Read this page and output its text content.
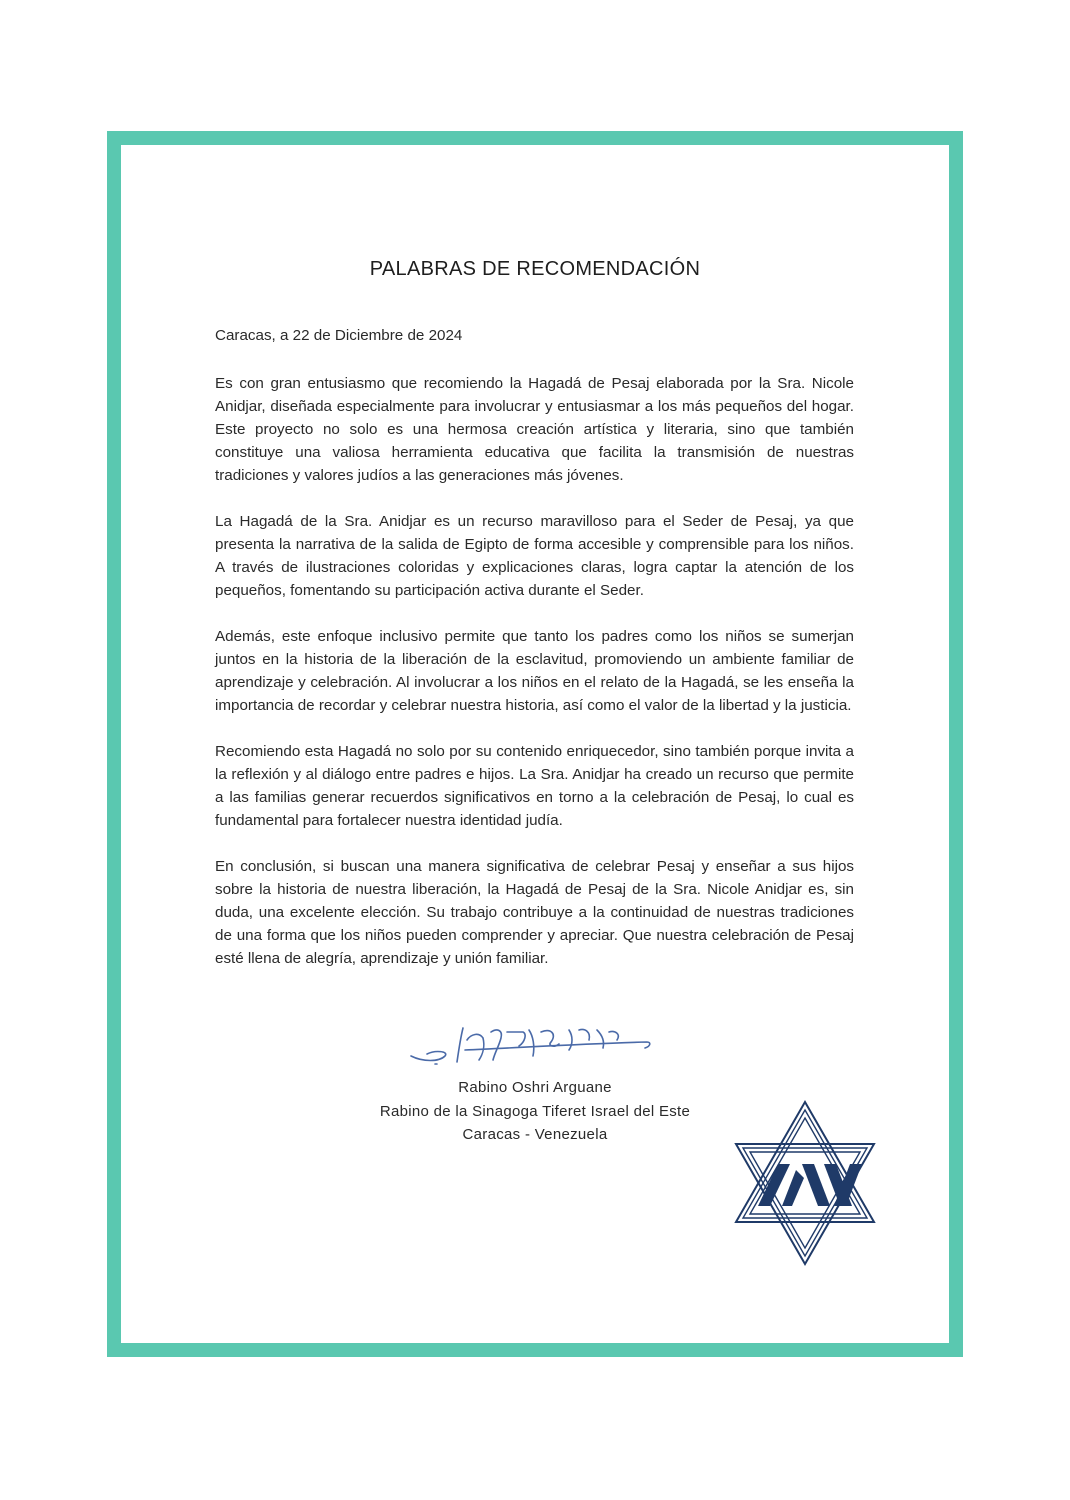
PALABRAS DE RECOMENDACIÓN

Caracas, a 22 de Diciembre de 2024

Es con gran entusiasmo que recomiendo la Hagadá de Pesaj elaborada por la Sra. Nicole Anidjar, diseñada especialmente para involucrar y entusiasmar a los más pequeños del hogar. Este proyecto no solo es una hermosa creación artística y literaria, sino que también constituye una valiosa herramienta educativa que facilita la transmisión de nuestras tradiciones y valores judíos a las generaciones más jóvenes.

La Hagadá de la Sra. Anidjar es un recurso maravilloso para el Seder de Pesaj, ya que presenta la narrativa de la salida de Egipto de forma accesible y comprensible para los niños. A través de ilustraciones coloridas y explicaciones claras, logra captar la atención de los pequeños, fomentando su participación activa durante el Seder.

Además, este enfoque inclusivo permite que tanto los padres como los niños se sumerjan juntos en la historia de la liberación de la esclavitud, promoviendo un ambiente familiar de aprendizaje y celebración. Al involucrar a los niños en el relato de la Hagadá, se les enseña la importancia de recordar y celebrar nuestra historia, así como el valor de la libertad y la justicia.

Recomiendo esta Hagadá no solo por su contenido enriquecedor, sino también porque invita a la reflexión y al diálogo entre padres e hijos. La Sra. Anidjar ha creado un recurso que permite a las familias generar recuerdos significativos en torno a la celebración de Pesaj, lo cual es fundamental para fortalecer nuestra identidad judía.

En conclusión, si buscan una manera significativa de celebrar Pesaj y enseñar a sus hijos sobre la historia de nuestra liberación, la Hagadá de Pesaj de la Sra. Nicole Anidjar es, sin duda, una excelente elección. Su trabajo contribuye a la continuidad de nuestras tradiciones de una forma que los niños pueden comprender y apreciar. Que nuestra celebración de Pesaj esté llena de alegría, aprendizaje y unión familiar.

Rabino Oshri Arguane
Rabino de la Sinagoga Tiferet Israel del Este
Caracas - Venezuela
